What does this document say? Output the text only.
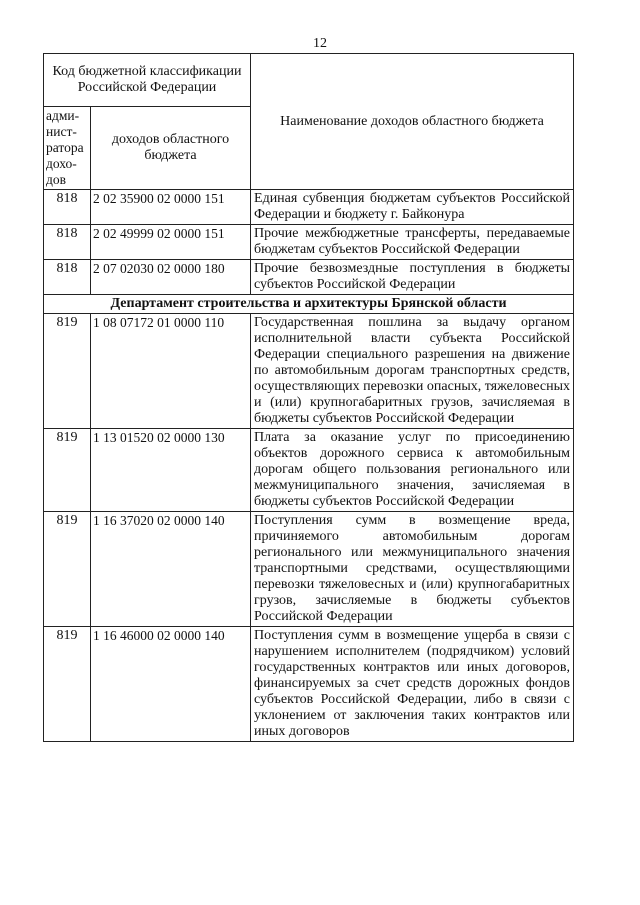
12
Код бюджетной классификации Российской Федерации		Наименование доходов областного бюджета
адми-нист-ратора дохо-дов	доходов областного бюджета	
818	2 02 35900 02 0000 151	Единая субвенция бюджетам субъектов Российской Федерации и бюджету г. Байконура
818	2 02 49999 02 0000 151	Прочие межбюджетные трансферты, передаваемые бюджетам субъектов Российской Федерации
818	2 07 02030 02 0000 180	Прочие безвозмездные поступления в бюджеты субъектов Российской Федерации
Департамент строительства и архитектуры Брянской области		
819	1 08 07172 01 0000 110	Государственная пошлина за выдачу органом исполнительной власти субъекта Российской Федерации специального разрешения на движение по автомобильным дорогам транспортных средств, осуществляющих перевозки опасных, тяжеловесных и (или) крупногабаритных грузов, зачисляемая в бюджеты субъектов Российской Федерации
819	1 13 01520 02 0000 130	Плата за оказание услуг по присоединению объектов дорожного сервиса к автомобильным дорогам общего пользования регионального или межмуниципального значения, зачисляемая в бюджеты субъектов Российской Федерации
819	1 16 37020 02 0000 140	Поступления сумм в возмещение вреда, причиняемого автомобильным дорогам регионального или межмуниципального значения транспортными средствами, осуществляющими перевозки тяжеловесных и (или) крупногабаритных грузов, зачисляемые в бюджеты субъектов Российской Федерации
819	1 16 46000 02 0000 140	Поступления сумм в возмещение ущерба в связи с нарушением исполнителем (подрядчиком) условий государственных контрактов или иных договоров, финансируемых за счет средств дорожных фондов субъектов Российской Федерации, либо в связи с уклонением от заключения таких контрактов или иных договоров
